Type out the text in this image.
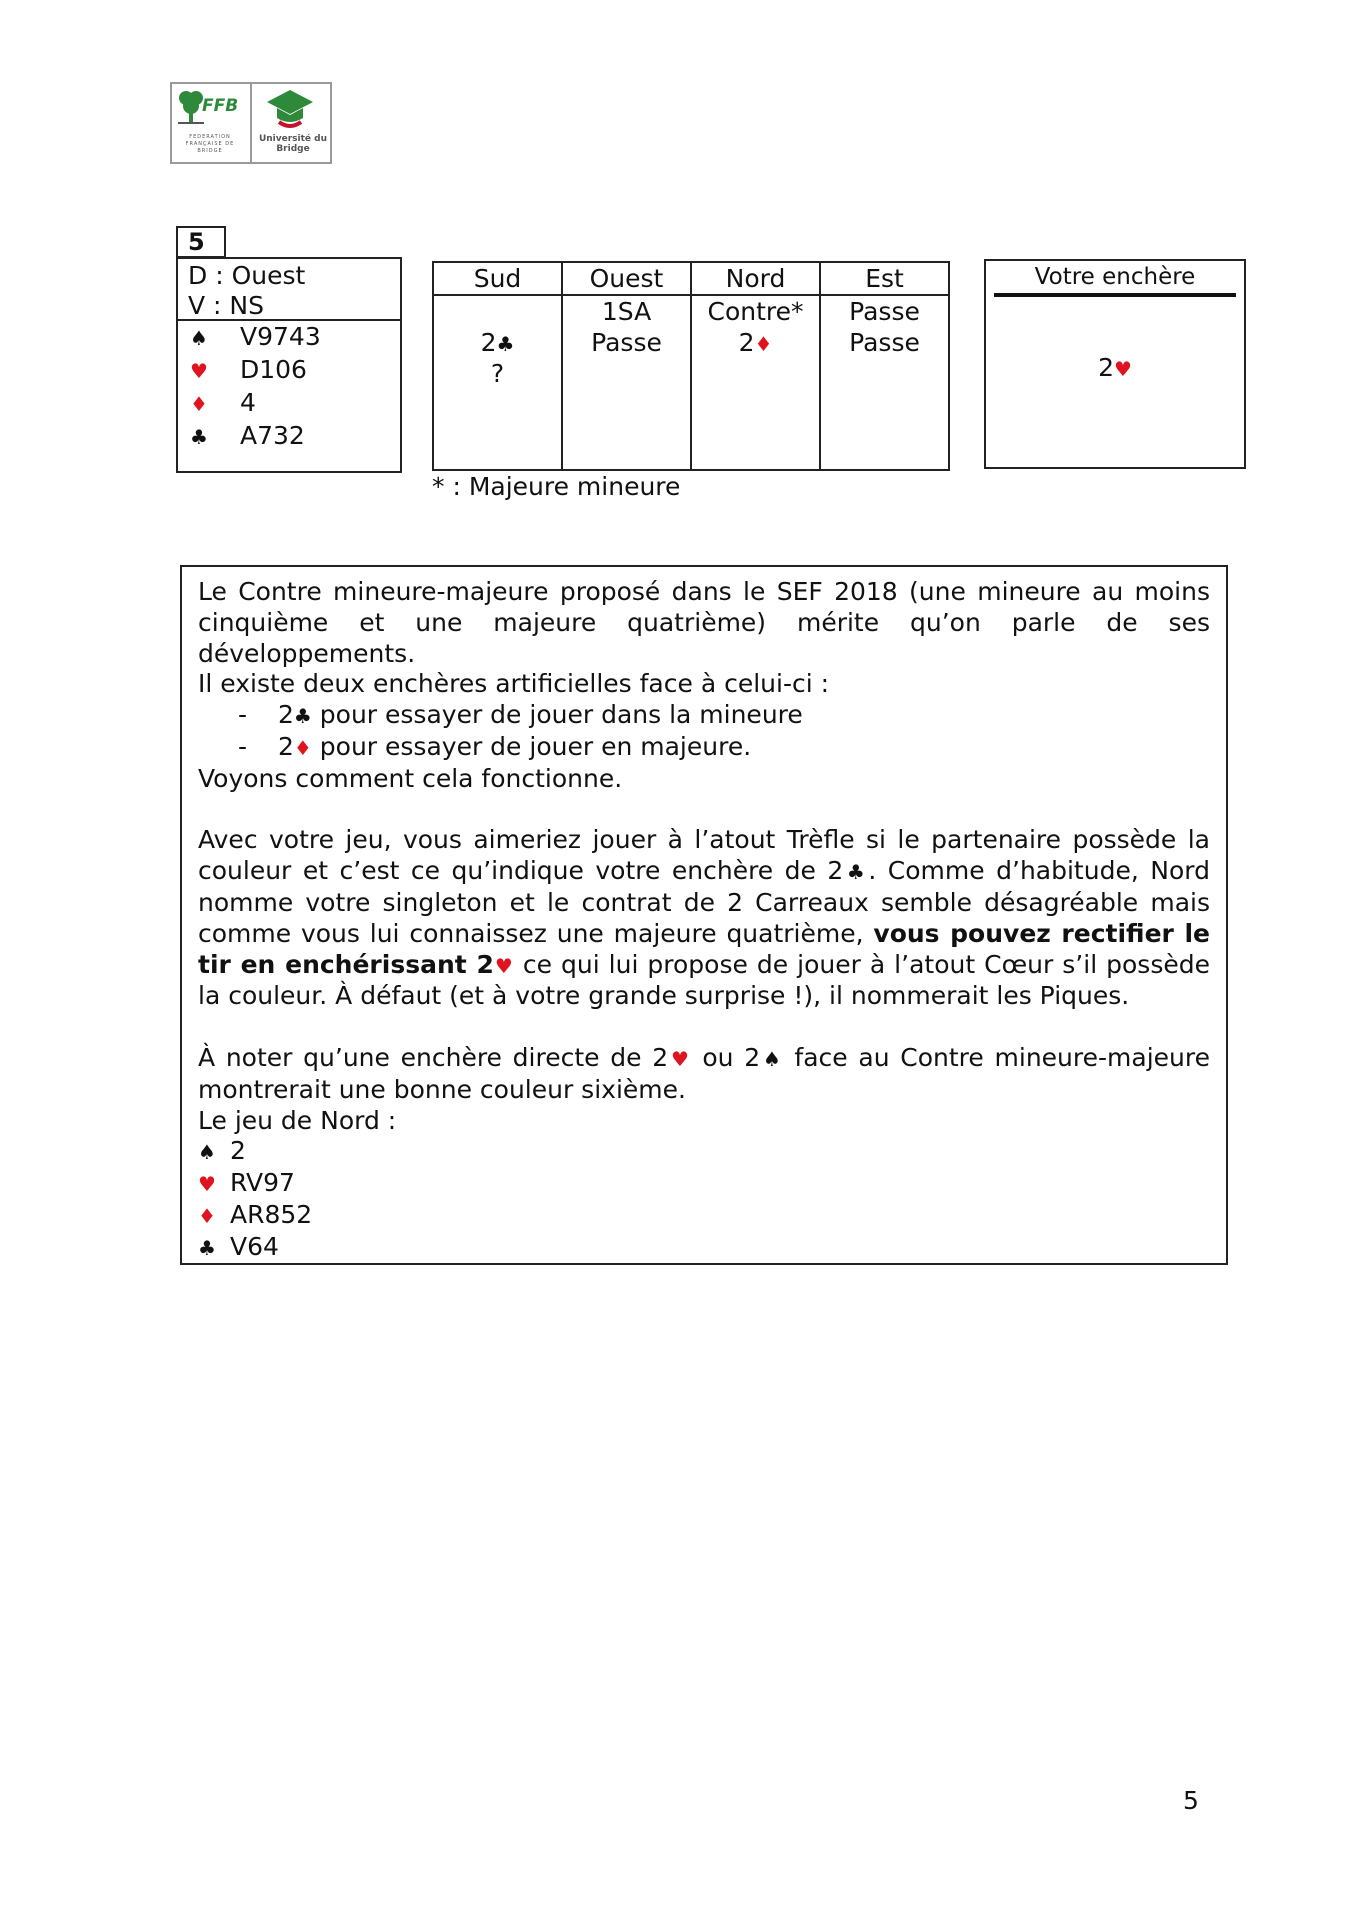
FFB
FEDERATION FRANÇAISE DE BRIDGE
Université du Bridge
5
D : Ouest
V : NS
♠ V9743
♥ D106
♦ 4
♣ A732
Sud
2♣
?
Ouest
1SA
Passe
Nord
Contre*
2♦
Est
Passe
Passe
* : Majeure mineure
Votre enchère
2♥

Le Contre mineure-majeure proposé dans le SEF 2018 (une mineure au moins cinquième et une majeure quatrième) mérite qu’on parle de ses développements.

Il existe deux enchères artificielles face à celui-ci :

- 2♣ pour essayer de jouer dans la mineure

- 2♦ pour essayer de jouer en majeure.

Voyons comment cela fonctionne.

Avec votre jeu, vous aimeriez jouer à l’atout Trèfle si le partenaire possède la couleur et c’est ce qu’indique votre enchère de 2♣. Comme d’habitude, Nord nomme votre singleton et le contrat de 2 Carreaux semble désagréable mais comme vous lui connaissez une majeure quatrième, vous pouvez rectifier le tir en enchérissant 2♥ ce qui lui propose de jouer à l’atout Cœur s’il possède la couleur. À défaut (et à votre grande surprise !), il nommerait les Piques.

À noter qu’une enchère directe de 2♥ ou 2♠ face au Contre mineure-majeure montrerait une bonne couleur sixième.

Le jeu de Nord :

♠ 2

♥ RV97

♦ AR852

♣ V64

5
